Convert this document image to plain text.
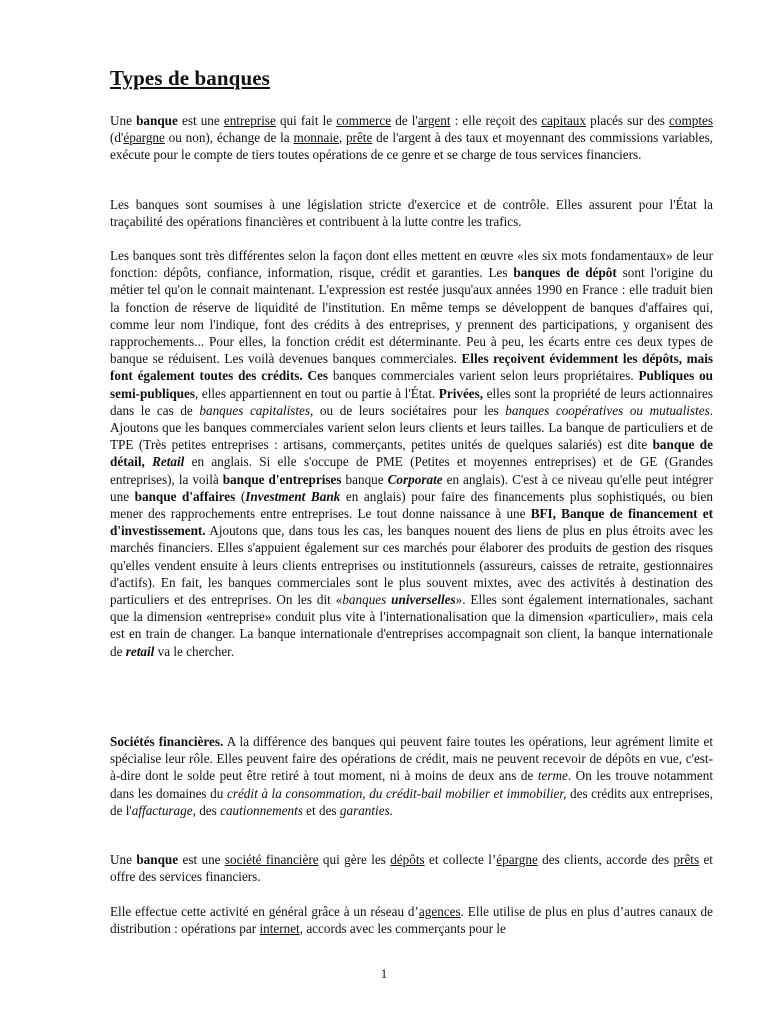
Types de banques

Une banque est une entreprise qui fait le commerce de l'argent : elle reçoit des capitaux placés sur des comptes (d'épargne ou non), échange de la monnaie, prête de l'argent à des taux et moyennant des commissions variables, exécute pour le compte de tiers toutes opérations de ce genre et se charge de tous services financiers.

Les banques sont soumises à une législation stricte d'exercice et de contrôle. Elles assurent pour l'État la traçabilité des opérations financières et contribuent à la lutte contre les trafics.

Les banques sont très différentes selon la façon dont elles mettent en œuvre «les six mots fondamentaux» de leur fonction: dépôts, confiance, information, risque, crédit et garanties. Les banques de dépôt sont l'origine du métier tel qu'on le connait maintenant. L'expression est restée jusqu'aux années 1990 en France : elle traduit bien la fonction de réserve de liquidité de l'institution. En même temps se développent de banques d'affaires qui, comme leur nom l'indique, font des crédits à des entreprises, y prennent des participations, y organisent des rapprochements... Pour elles, la fonction crédit est déterminante. Peu à peu, les écarts entre ces deux types de banque se réduisent. Les voilà devenues banques commerciales. Elles reçoivent évidemment les dépôts, mais font également toutes des crédits. Ces banques commerciales varient selon leurs propriétaires. Publiques ou semi-publiques, elles appartiennent en tout ou partie à l'État. Privées, elles sont la propriété de leurs actionnaires dans le cas de banques capitalistes, ou de leurs sociétaires pour les banques coopératives ou mutualistes. Ajoutons que les banques commerciales varient selon leurs clients et leurs tailles. La banque de particuliers et de TPE (Très petites entreprises : artisans, commerçants, petites unités de quelques salariés) est dite banque de détail, Retail en anglais. Si elle s'occupe de PME (Petites et moyennes entreprises) et de GE (Grandes entreprises), la voilà banque d'entreprises banque Corporate en anglais). C'est à ce niveau qu'elle peut intégrer une banque d'affaires (Investment Bank en anglais) pour faire des financements plus sophistiqués, ou bien mener des rapprochements entre entreprises. Le tout donne naissance à une BFI, Banque de financement et d'investissement. Ajoutons que, dans tous les cas, les banques nouent des liens de plus en plus étroits avec les marchés financiers. Elles s'appuient également sur ces marchés pour élaborer des produits de gestion des risques qu'elles vendent ensuite à leurs clients entreprises ou institutionnels (assureurs, caisses de retraite, gestionnaires d'actifs). En fait, les banques commerciales sont le plus souvent mixtes, avec des activités à destination des particuliers et des entreprises. On les dit «banques universelles». Elles sont également internationales, sachant que la dimension «entreprise» conduit plus vite à l'internationalisation que la dimension «particulier», mais cela est en train de changer. La banque internationale d'entreprises accompagnait son client, la banque internationale de retail va le chercher.

Sociétés financières. A la différence des banques qui peuvent faire toutes les opérations, leur agrément limite et spécialise leur rôle. Elles peuvent faire des opérations de crédit, mais ne peuvent recevoir de dépôts en vue, c'est-à-dire dont le solde peut être retiré à tout moment, ni à moins de deux ans de terme. On les trouve notamment dans les domaines du crédit à la consommation, du crédit-bail mobilier et immobilier, des crédits aux entreprises, de l'affacturage, des cautionnements et des garanties.

Une banque est une société financière qui gère les dépôts et collecte l’épargne des clients, accorde des prêts et offre des services financiers.

Elle effectue cette activité en général grâce à un réseau d’agences. Elle utilise de plus en plus d’autres canaux de distribution : opérations par internet, accords avec les commerçants pour le

1
